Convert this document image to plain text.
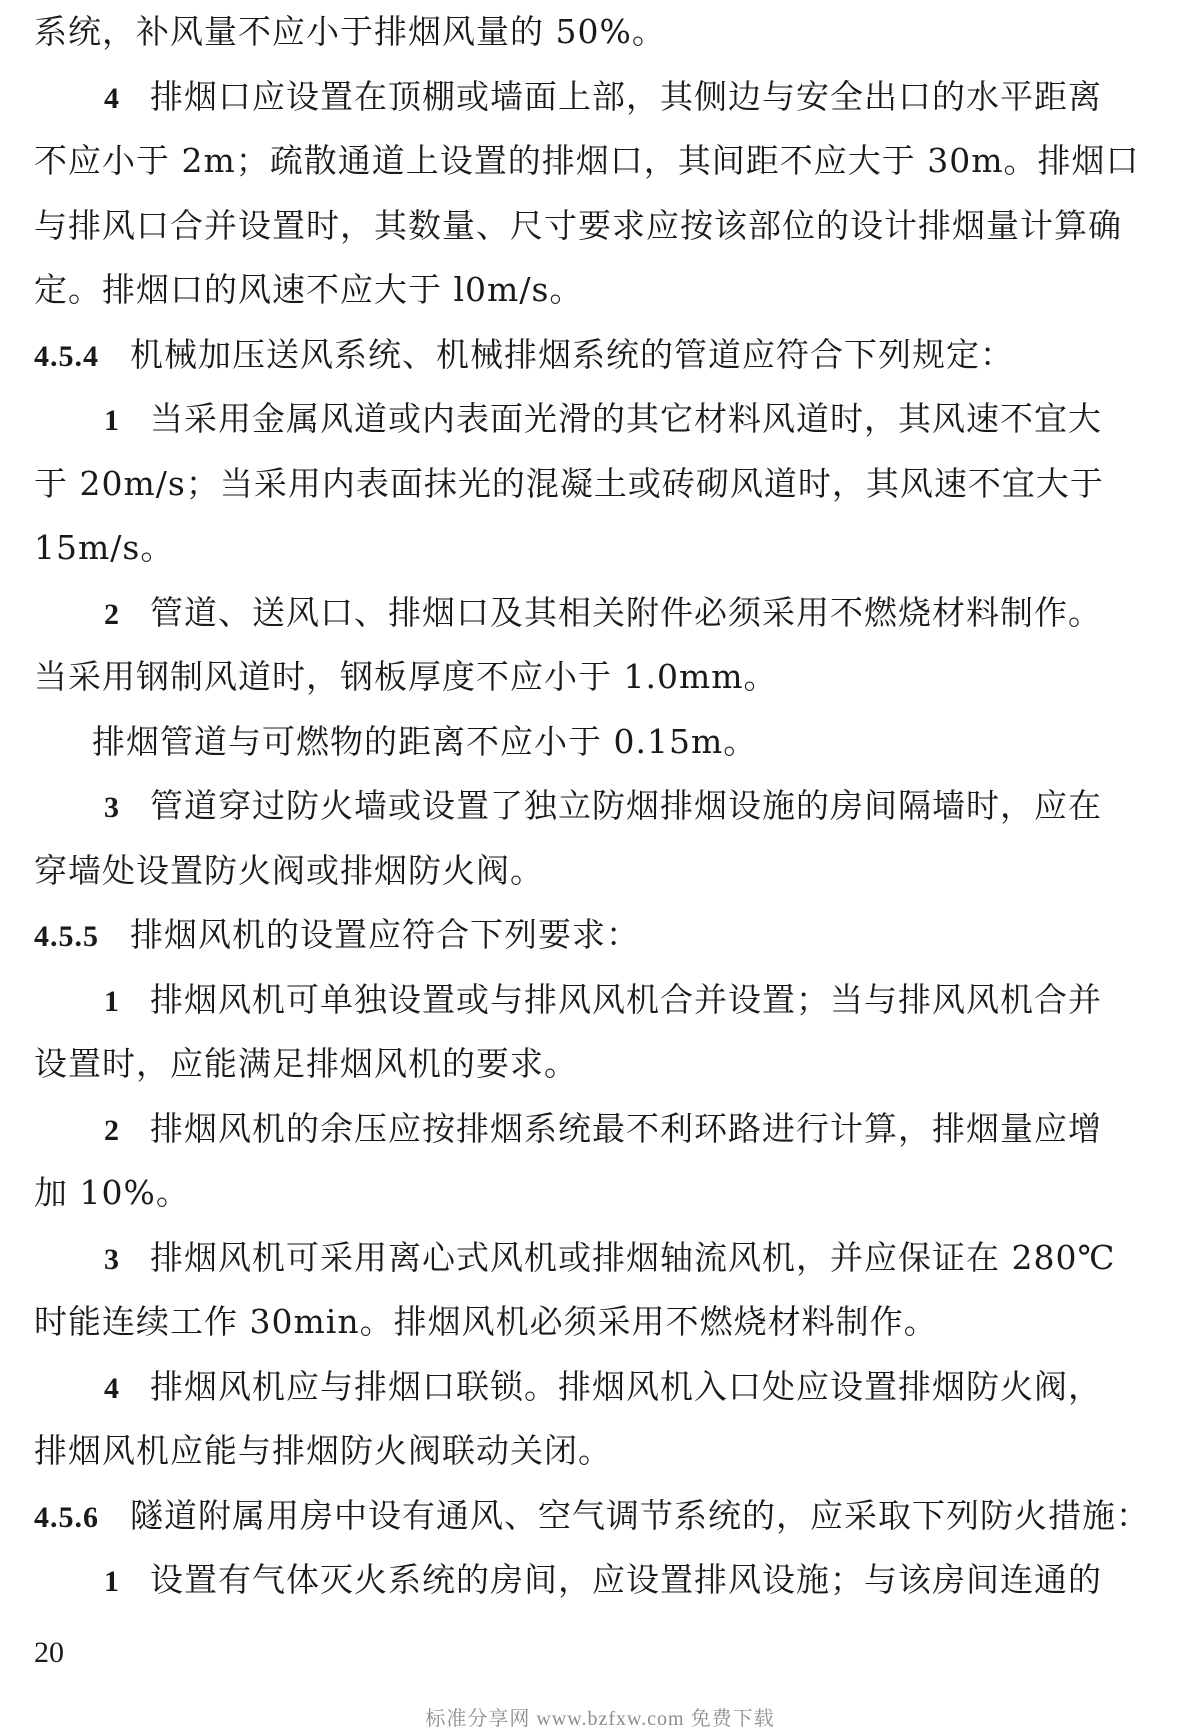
系统，补风量不应小于排烟风量的 50%。
4 排烟口应设置在顶棚或墙面上部，其侧边与安全出口的水平距离
不应小于 2m；疏散通道上设置的排烟口，其间距不应大于 30m。排烟口
与排风口合并设置时，其数量、尺寸要求应按该部位的设计排烟量计算确
定。排烟口的风速不应大于 l0m/s。
4.5.4 机械加压送风系统、机械排烟系统的管道应符合下列规定：
1 当采用金属风道或内表面光滑的其它材料风道时，其风速不宜大
于 20m/s；当采用内表面抹光的混凝土或砖砌风道时，其风速不宜大于
15m/s。
2 管道、送风口、排烟口及其相关附件必须采用不燃烧材料制作。
当采用钢制风道时，钢板厚度不应小于 1.0mm。
排烟管道与可燃物的距离不应小于 0.15m。
3 管道穿过防火墙或设置了独立防烟排烟设施的房间隔墙时，应在
穿墙处设置防火阀或排烟防火阀。
4.5.5 排烟风机的设置应符合下列要求：
1 排烟风机可单独设置或与排风风机合并设置；当与排风风机合并
设置时，应能满足排烟风机的要求。
2 排烟风机的余压应按排烟系统最不利环路进行计算，排烟量应增
加 10%。
3 排烟风机可采用离心式风机或排烟轴流风机，并应保证在 280℃
时能连续工作 30min。排烟风机必须采用不燃烧材料制作。
4 排烟风机应与排烟口联锁。排烟风机入口处应设置排烟防火阀，
排烟风机应能与排烟防火阀联动关闭。
4.5.6 隧道附属用房中设有通风、空气调节系统的，应采取下列防火措施：
1 设置有气体灭火系统的房间，应设置排风设施；与该房间连通的
20
标准分享网 www.bzfxw.com 免费下载
